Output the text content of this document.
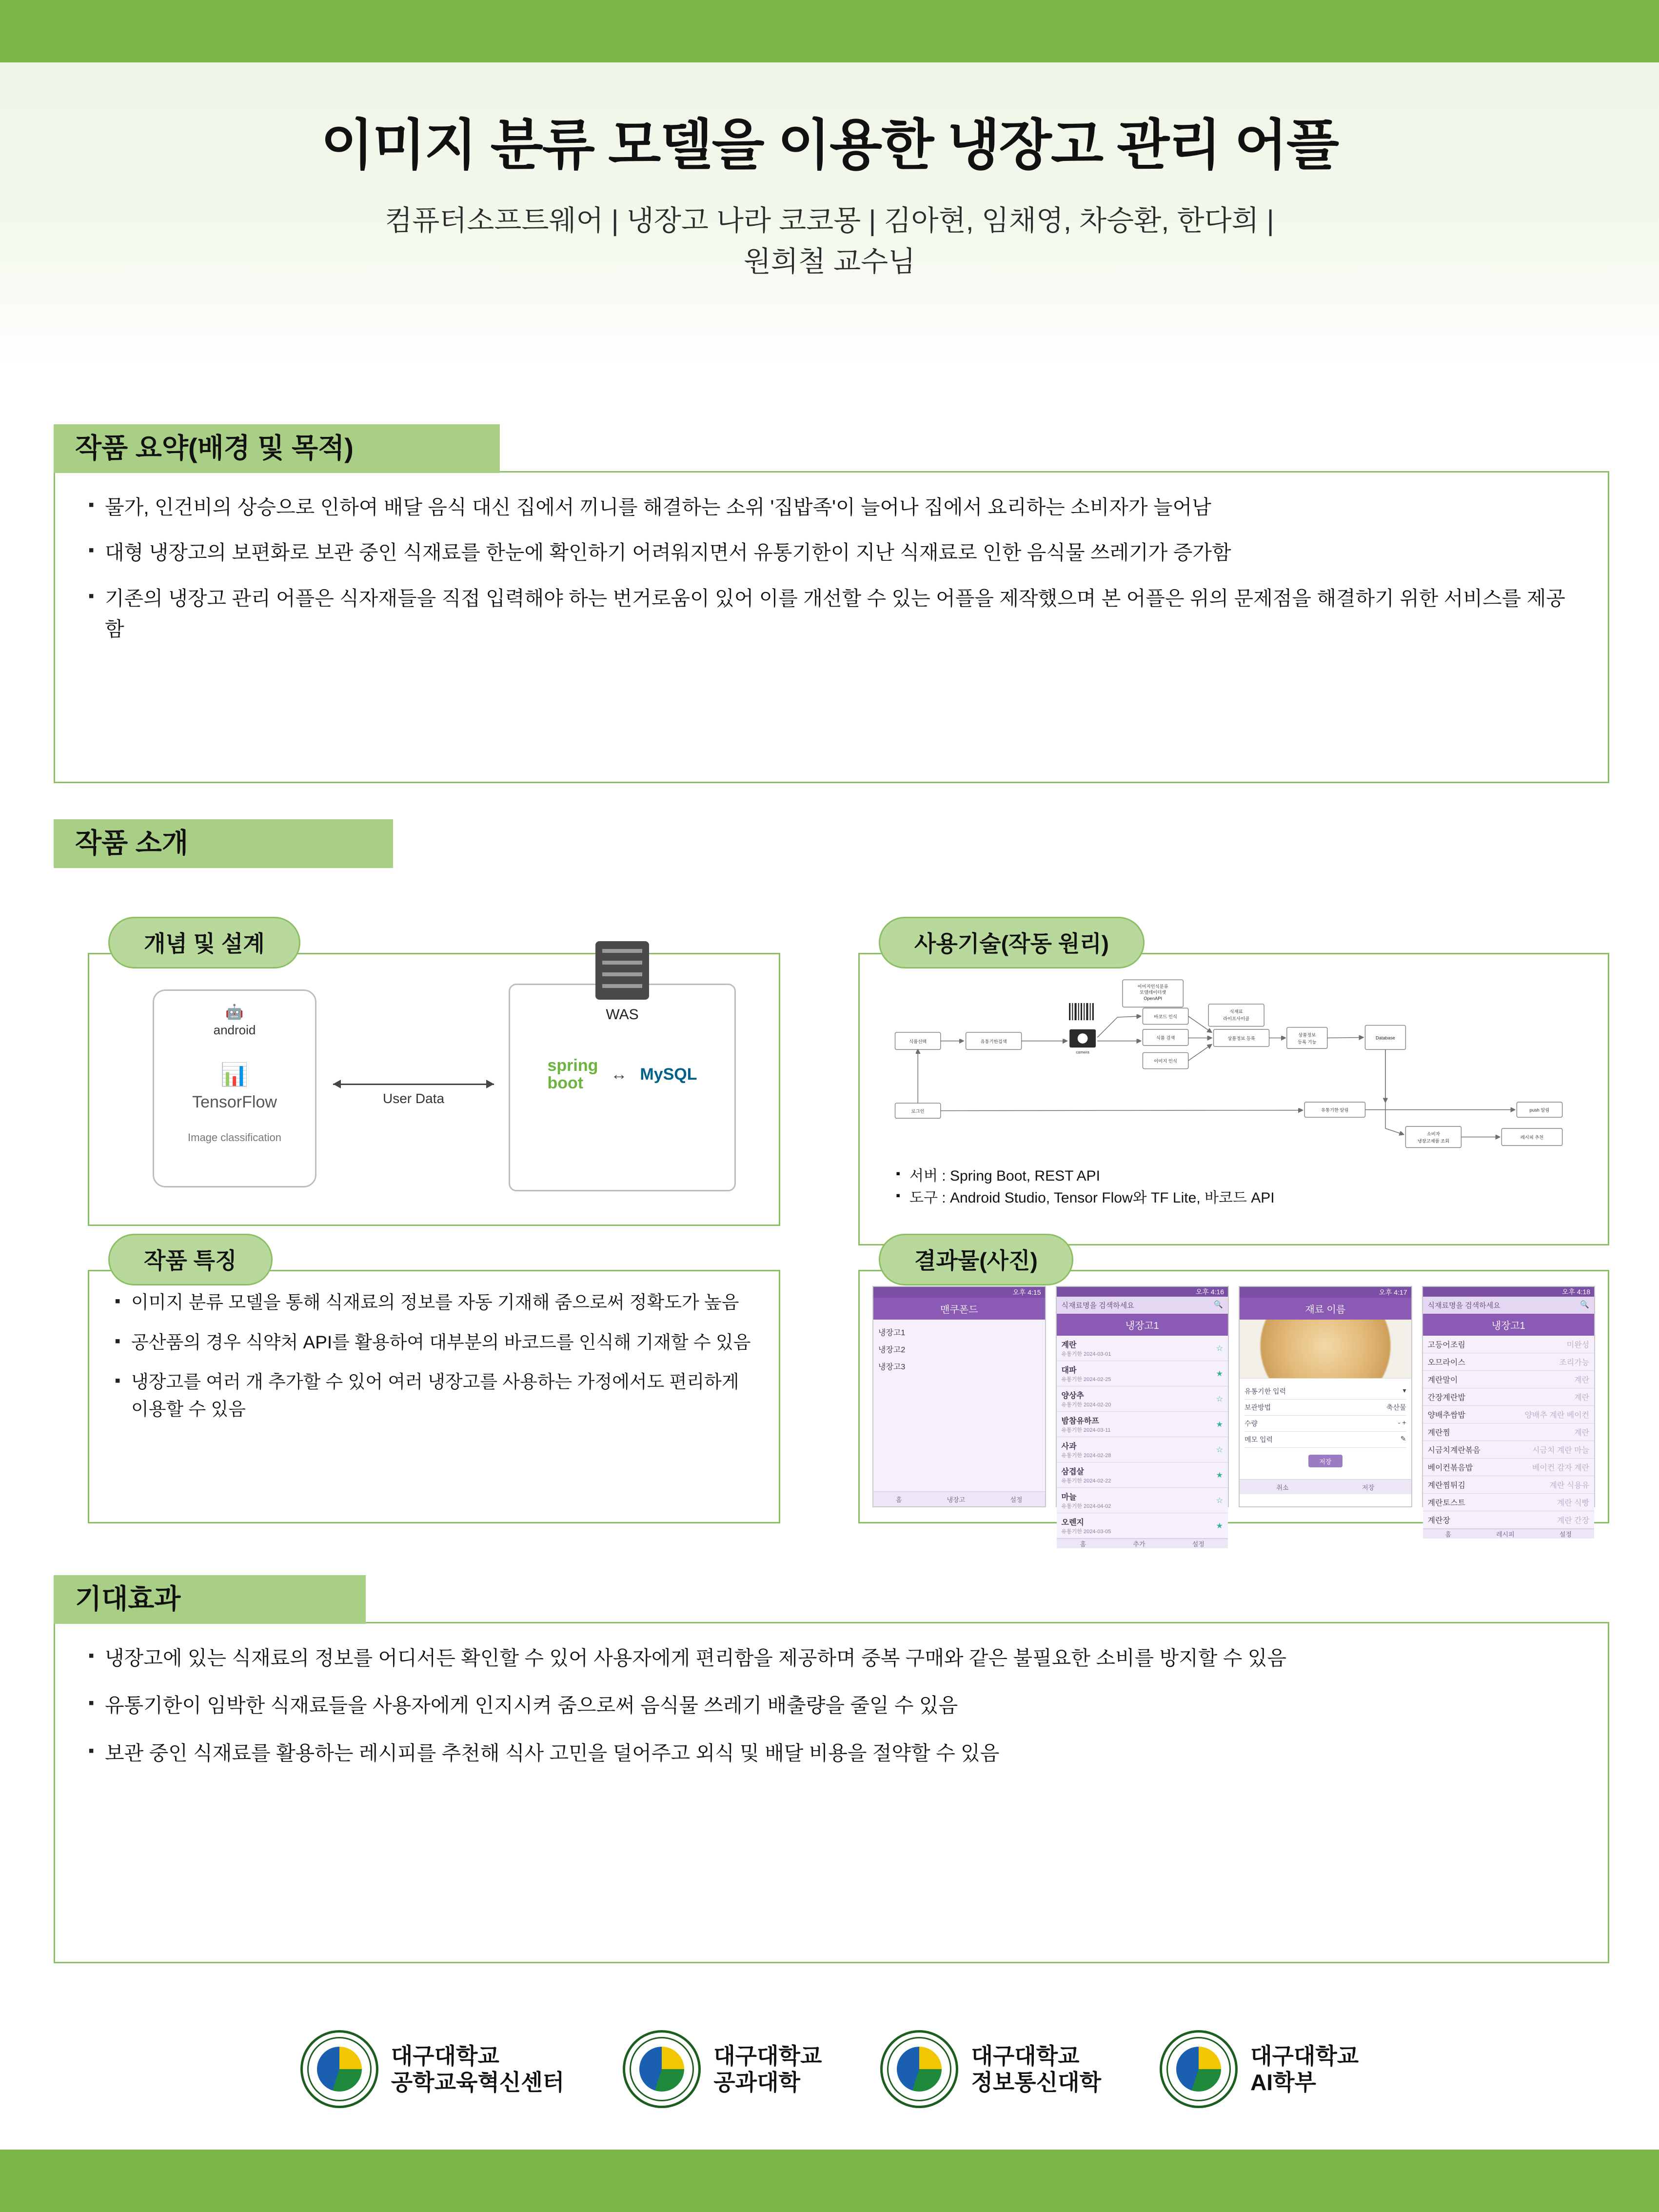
이미지 분류 모델을 이용한 냉장고 관리 어플
컴퓨터소프트웨어 | 냉장고 나라 코코몽 | 김아현, 임채영, 차승환, 한다희 |
원희철 교수님
작품 요약(배경 및 목적)
▪ 물가, 인건비의 상승으로 인하여 배달 음식 대신 집에서 끼니를 해결하는 소위 '집밥족'이 늘어나 집에서 요리하는 소비자가 늘어남
▪ 대형 냉장고의 보편화로 보관 중인 식재료를 한눈에 확인하기 어려워지면서 유통기한이 지난 식재료로 인한 음식물 쓰레기가 증가함
▪ 기존의 냉장고 관리 어플은 식자재들을 직접 입력해야 하는 번거로움이 있어 이를 개선할 수 있는 어플을 제작했으며 본 어플은 위의 문제점을 해결하기 위한 서비스를 제공함
작품 소개
개념 및 설계
🤖
android
📊
TensorFlow
Image classification
User Data
WAS
spring
boot	↔ MySQL
사용기술(작동 원리)
식품선택	유통기한검색
바코드 인식
식품 검색
이미지 인식
상품정보 등록
상품정보
등록 기능
Database
로그인	유통기한 알림	push 알림
레시피 추천
소비자
냉장고제품 조회
이미지인식분류
모델데이터셋
OpenAPI
식재료
라이프사이클
camera
▪ 서버 : Spring Boot, REST API
▪ 도구 : Android Studio, Tensor Flow와 TF Lite, 바코드 API
작품 특징
▪ 이미지 분류 모델을 통해 식재료의 정보를 자동 기재해 줌으로써 정확도가 높음
▪ 공산품의 경우 식약처 API를 활용하여 대부분의 바코드를 인식해 기재할 수 있음
▪ 냉장고를 여러 개 추가할 수 있어 여러 냉장고를 사용하는 가정에서도 편리하게 이용할 수 있음
결과물(사진)
오후 4:15
맨쿠폰드
냉장고1
냉장고2
냉장고3
홈	냉장고	설정
오후 4:16
식재료명을 검색하세요	🔍
냉장고1
계란
유통기한 2024-03-01
☆
대파
유통기한 2024-02-25
★
양상추
유통기한 2024-02-20
☆
밤참유하프
유통기한 2024-03-11
★
사과
유통기한 2024-02-28
☆
삼겹살
유통기한 2024-02-22
★
마늘
유통기한 2024-04-02
☆
오렌지
유통기한 2024-03-05
★
홈	추가	설정
오후 4:17
재료 이름
유통기한 입력	▾
보관방법	축산물
수량	- +
메모 입력	✎
저장
취소	저장
오후 4:18
식재료명을 검색하세요	🔍
냉장고1
고등어조림	미완성
오므라이스	조리가능
계란말이	계란
간장계란밥	계란
양배추쌈밥	양배추 계란 베이컨
계란찜	계란
시금치계란볶음	시금치 계란 마늘
베이컨볶음밥	베이컨 감자 계란
계란찜튀김	계란 식용유
계란토스트	계란 식빵
계란장	계란 간장
홈	레시피	설정
기대효과
▪ 냉장고에 있는 식재료의 정보를 어디서든 확인할 수 있어 사용자에게 편리함을 제공하며 중복 구매와 같은 불필요한 소비를 방지할 수 있음
▪ 유통기한이 임박한 식재료들을 사용자에게 인지시켜 줌으로써 음식물 쓰레기 배출량을 줄일 수 있음
▪ 보관 중인 식재료를 활용하는 레시피를 추천해 식사 고민을 덜어주고 외식 및 배달 비용을 절약할 수 있음
대구대학교
공학교육혁신센터
대구대학교
공과대학
대구대학교
정보통신대학
대구대학교
AI학부
